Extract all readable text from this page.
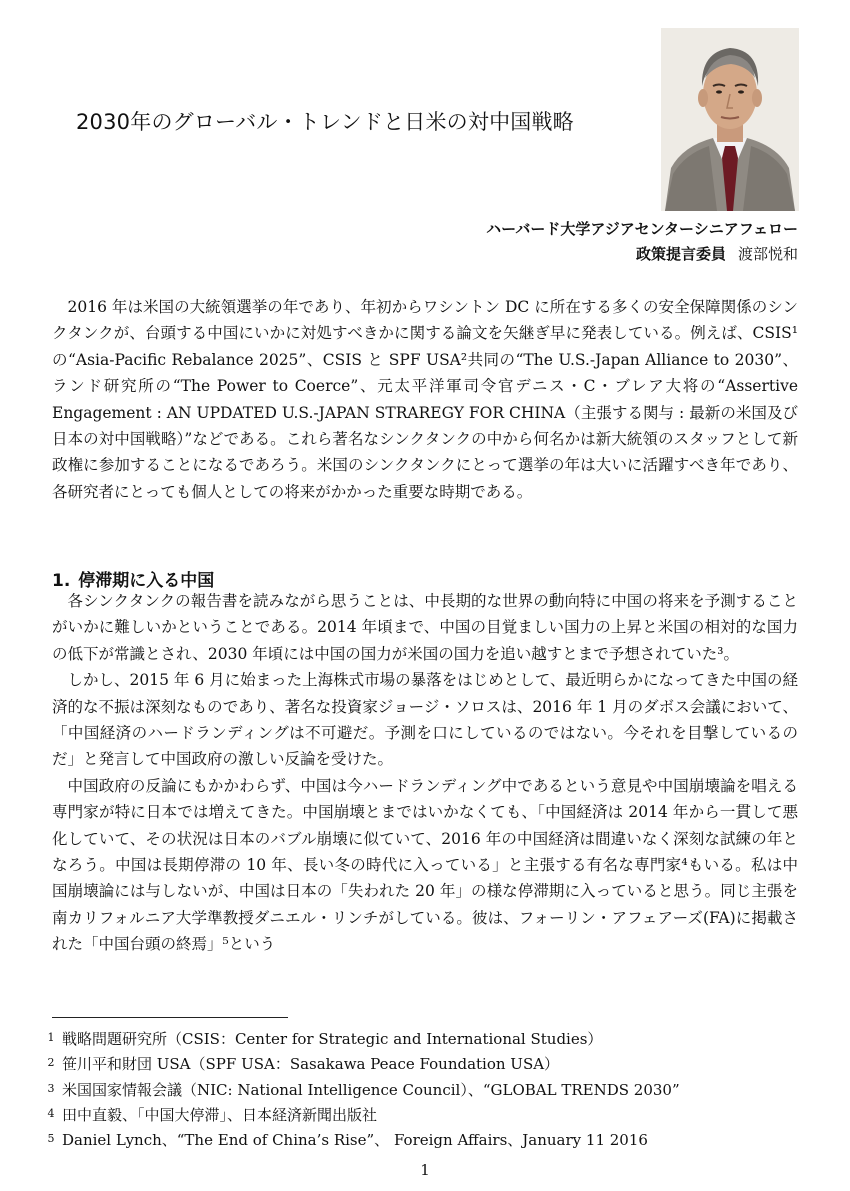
2030年のグローバル・トレンドと日米の対中国戦略
ハーバード大学アジアセンターシニアフェロー
政策提言委員 渡部悦和

2016 年は米国の大統領選挙の年であり、年初からワシントン DC に所在する多くの安全保障関係のシンクタンクが、台頭する中国にいかに対処すべきかに関する論文を矢継ぎ早に発表している。例えば、CSIS¹の“Asia-Pacific Rebalance 2025”、CSIS と SPF USA²共同の“The U.S.-Japan Alliance to 2030”、ランド研究所の“The Power to Coerce”、元太平洋軍司令官デニス・C・ブレア大将の“Assertive Engagement : AN UPDATED U.S.-JAPAN STRAREGY FOR CHINA（主張する関与 : 最新の米国及び日本の対中国戦略）”などである。これら著名なシンクタンクの中から何名かは新大統領のスタッフとして新政権に参加することになるであろう。米国のシンクタンクにとって選挙の年は大いに活躍すべき年であり、各研究者にとっても個人としての将来がかかった重要な時期である。

1. 停滞期に入る中国

各シンクタンクの報告書を読みながら思うことは、中長期的な世界の動向特に中国の将来を予測することがいかに難しいかということである。2014 年頃まで、中国の目覚ましい国力の上昇と米国の相対的な国力の低下が常識とされ、2030 年頃には中国の国力が米国の国力を追い越すとまで予想されていた³。

しかし、2015 年 6 月に始まった上海株式市場の暴落をはじめとして、最近明らかになってきた中国の経済的な不振は深刻なものであり、著名な投資家ジョージ・ソロスは、2016 年 1 月のダボス会議において、「中国経済のハードランディングは不可避だ。予測を口にしているのではない。今それを目撃しているのだ」と発言して中国政府の激しい反論を受けた。

中国政府の反論にもかかわらず、中国は今ハードランディング中であるという意見や中国崩壊論を唱える専門家が特に日本では増えてきた。中国崩壊とまではいかなくても、「中国経済は 2014 年から一貫して悪化していて、その状況は日本のバブル崩壊に似ていて、2016 年の中国経済は間違いなく深刻な試練の年となろう。中国は長期停滞の 10 年、長い冬の時代に入っている」と主張する有名な専門家⁴もいる。私は中国崩壊論には与しないが、中国は日本の「失われた 20 年」の様な停滞期に入っていると思う。同じ主張を南カリフォルニア大学準教授ダニエル・リンチがしている。彼は、フォーリン・アフェアーズ(FA)に掲載された「中国台頭の終焉」⁵という

1 戦略問題研究所（CSIS：Center for Strategic and International Studies）
2 笹川平和財団 USA（SPF USA：Sasakawa Peace Foundation USA）
3 米国国家情報会議（NIC: National Intelligence Council）、“GLOBAL TRENDS 2030”
4 田中直毅、「中国大停滞」、日本経済新聞出版社
5 Daniel Lynch、“The End of China’s Rise”、 Foreign Affairs、January 11 2016
1
